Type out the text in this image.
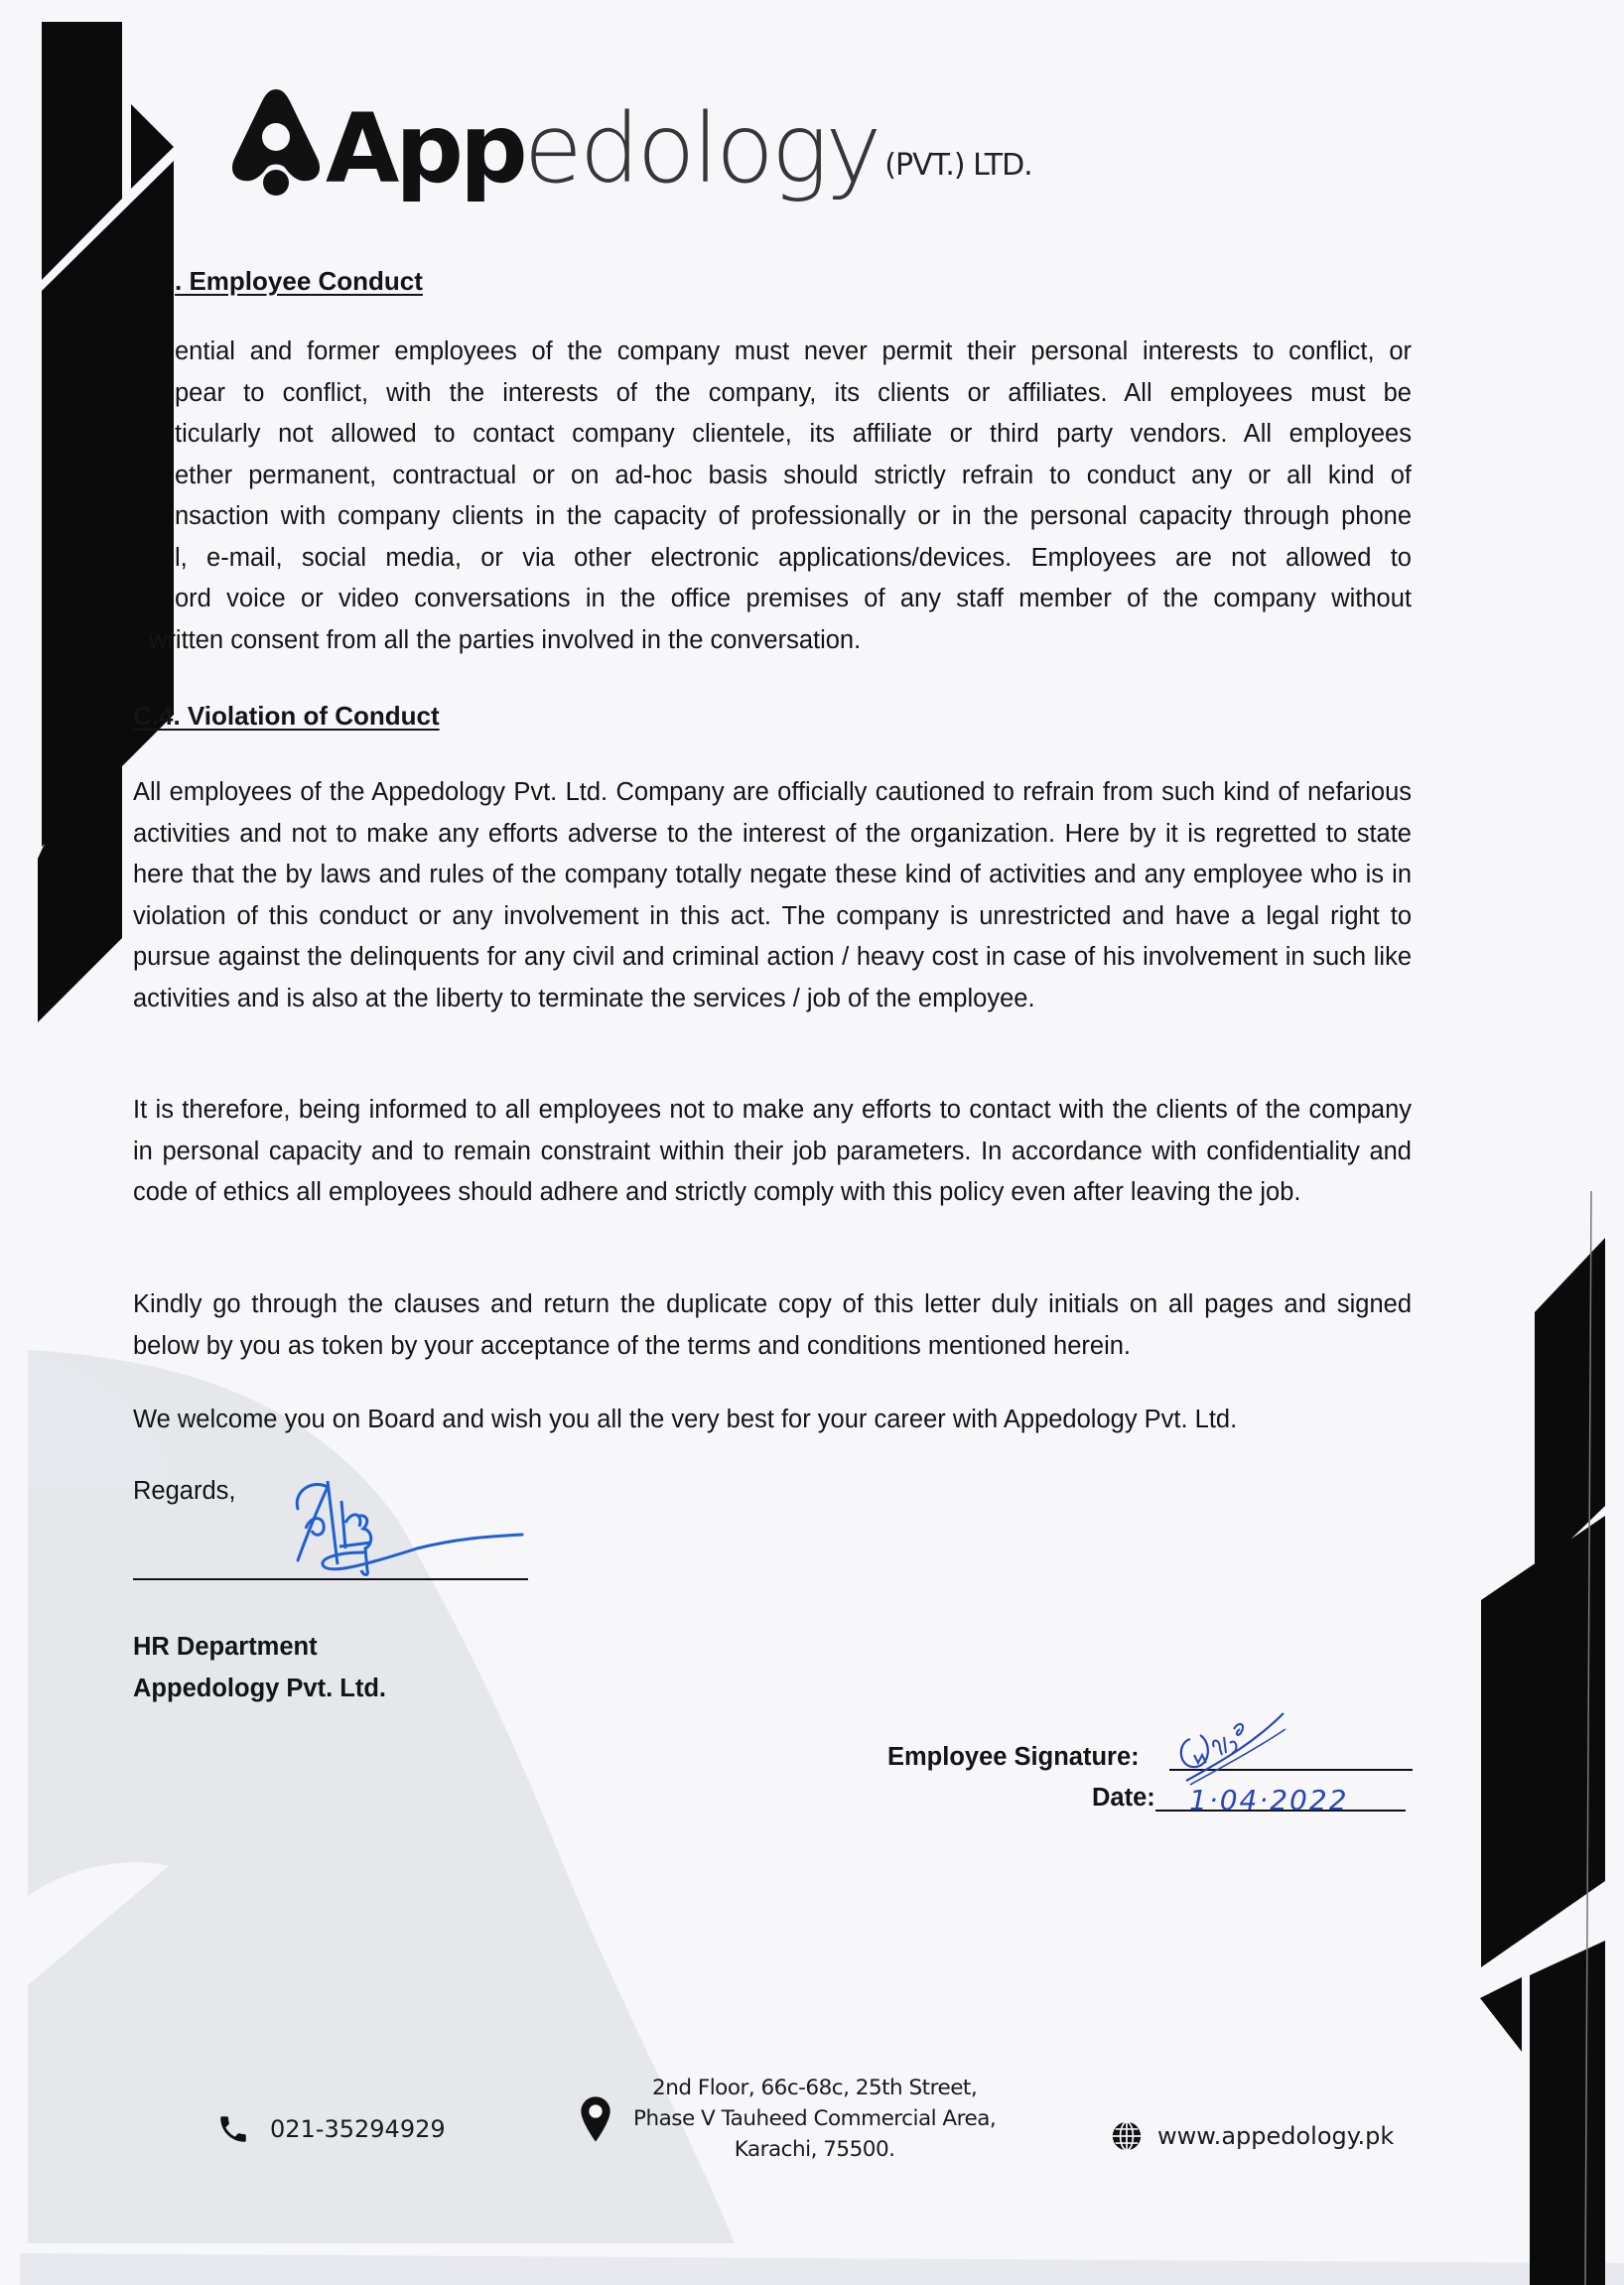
App edology (PVT.) LTD.
. Employee Conduct
ential and former employees of the company must never permit their personal interests to conflict, or
pear to conflict, with the interests of the company, its clients or affiliates. All employees must be
ticularly not allowed to contact company clientele, its affiliate or third party vendors. All employees
ether permanent, contractual or on ad-hoc basis should strictly refrain to conduct any or all kind of
nsaction with company clients in the capacity of professionally or in the personal capacity through phone
l, e-mail, social media, or via other electronic applications/devices. Employees are not allowed to
ord voice or video conversations in the office premises of any staff member of the company without
written consent from all the parties involved in the conversation.
C.4. Violation of Conduct
All employees of the Appedology Pvt. Ltd. Company are officially cautioned to refrain from such kind of nefarious activities and not to make any efforts adverse to the interest of the organization. Here by it is regretted to state here that the by laws and rules of the company totally negate these kind of activities and any employee who is in violation of this conduct or any involvement in this act. The company is unrestricted and have a legal right to pursue against the delinquents for any civil and criminal action / heavy cost in case of his involvement in such like activities and is also at the liberty to terminate the services / job of the employee.
It is therefore, being informed to all employees not to make any efforts to contact with the clients of the company in personal capacity and to remain constraint within their job parameters. In accordance with confidentiality and code of ethics all employees should adhere and strictly comply with this policy even after leaving the job.
Kindly go through the clauses and return the duplicate copy of this letter duly initials on all pages and signed below by you as token by your acceptance of the terms and conditions mentioned herein.
We welcome you on Board and wish you all the very best for your career with Appedology Pvt. Ltd.
Regards,
HR Department
Appedology Pvt. Ltd.
Employee Signature:
Date: 1·04·2022
021-35294929
2nd Floor, 66c-68c, 25th Street,
Phase V Tauheed Commercial Area,
Karachi, 75500.	www.appedology.pk
